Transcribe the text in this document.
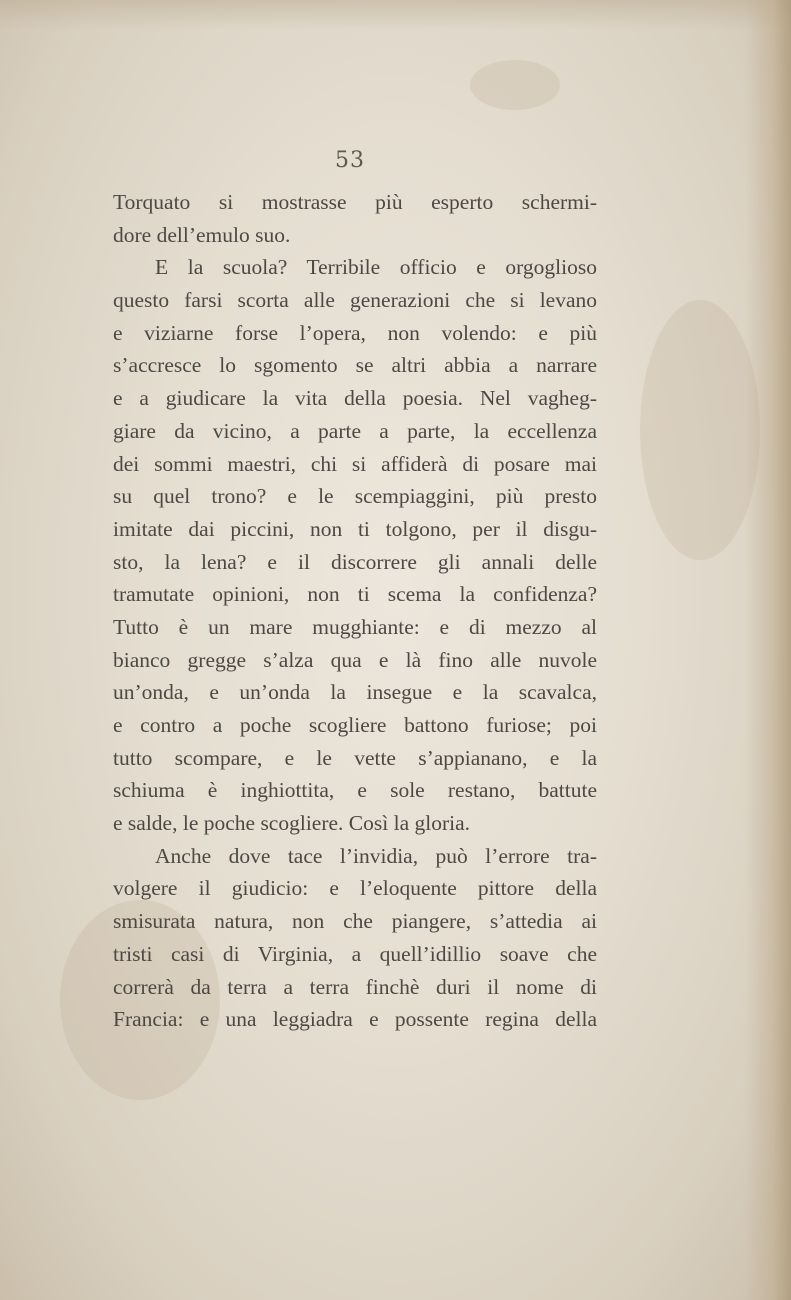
53
Torquato si mostrasse più esperto schermi-
dore dell’emulo suo.
E la scuola? Terribile officio e orgoglioso
questo farsi scorta alle generazioni che si levano
e viziarne forse l’opera, non volendo: e più
s’accresce lo sgomento se altri abbia a narrare
e a giudicare la vita della poesia. Nel vagheg-
giare da vicino, a parte a parte, la eccellenza
dei sommi maestri, chi si affiderà di posare mai
su quel trono? e le scempiaggini, più presto
imitate dai piccini, non ti tolgono, per il disgu-
sto, la lena? e il discorrere gli annali delle
tramutate opinioni, non ti scema la confidenza?
Tutto è un mare mugghiante: e di mezzo al
bianco gregge s’alza qua e là fino alle nuvole
un’onda, e un’onda la insegue e la scavalca,
e contro a poche scogliere battono furiose; poi
tutto scompare, e le vette s’appianano, e la
schiuma è inghiottita, e sole restano, battute
e salde, le poche scogliere. Così la gloria.
Anche dove tace l’invidia, può l’errore tra-
volgere il giudicio: e l’eloquente pittore della
smisurata natura, non che piangere, s’attedia ai
tristi casi di Virginia, a quell’idillio soave che
correrà da terra a terra finchè duri il nome di
Francia: e una leggiadra e possente regina della
